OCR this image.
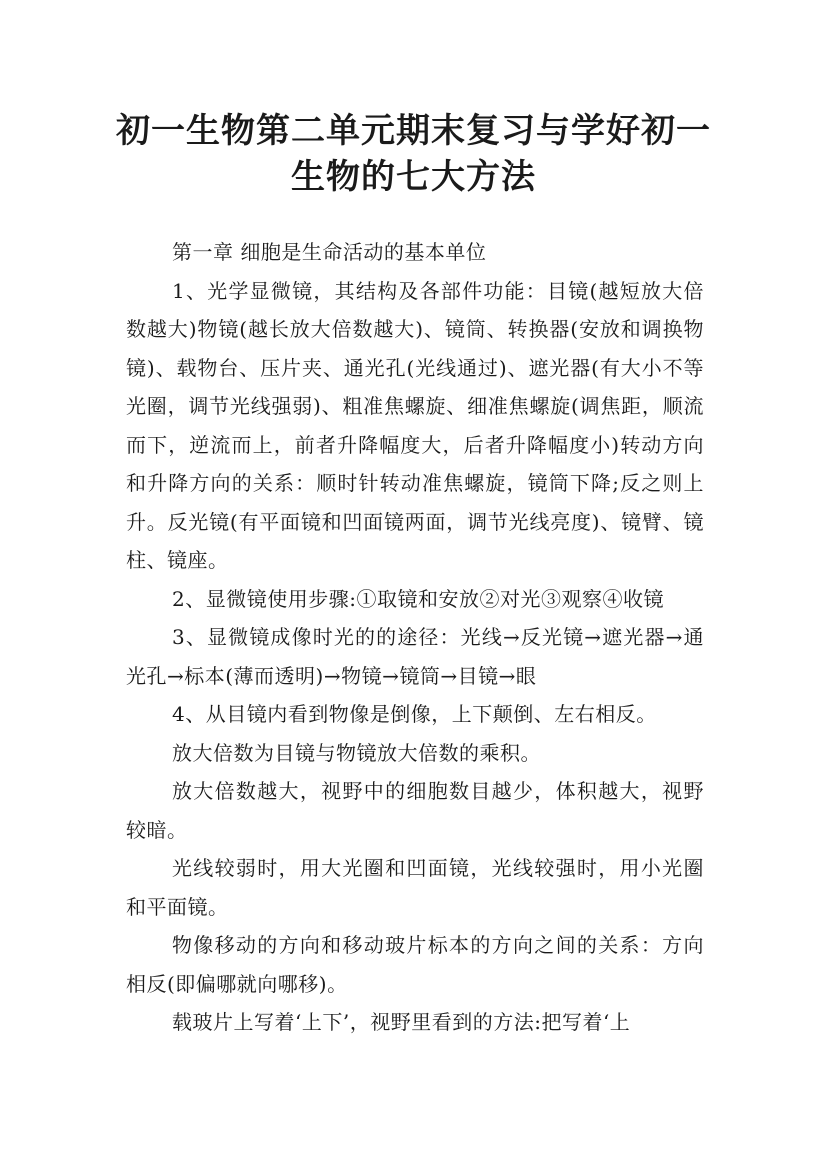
初一生物第二单元期末复习与学好初一生物的七大方法

第一章 细胞是生命活动的基本单位

1、光学显微镜，其结构及各部件功能：目镜(越短放大倍数越大)物镜(越长放大倍数越大)、镜筒、转换器(安放和调换物镜)、载物台、压片夹、通光孔(光线通过)、遮光器(有大小不等光圈，调节光线强弱)、粗准焦螺旋、细准焦螺旋(调焦距，顺流而下，逆流而上，前者升降幅度大，后者升降幅度小)转动方向和升降方向的关系：顺时针转动准焦螺旋，镜筒下降;反之则上升。反光镜(有平面镜和凹面镜两面，调节光线亮度)、镜臂、镜柱、镜座。

2、显微镜使用步骤:①取镜和安放②对光③观察④收镜

3、显微镜成像时光的的途径：光线→反光镜→遮光器→通光孔→标本(薄而透明)→物镜→镜筒→目镜→眼

4、从目镜内看到物像是倒像，上下颠倒、左右相反。

放大倍数为目镜与物镜放大倍数的乘积。

放大倍数越大，视野中的细胞数目越少，体积越大，视野较暗。

光线较弱时，用大光圈和凹面镜，光线较强时，用小光圈和平面镜。

物像移动的方向和移动玻片标本的方向之间的关系：方向相反(即偏哪就向哪移)。

载玻片上写着‘上下’，视野里看到的方法:把写着‘上
